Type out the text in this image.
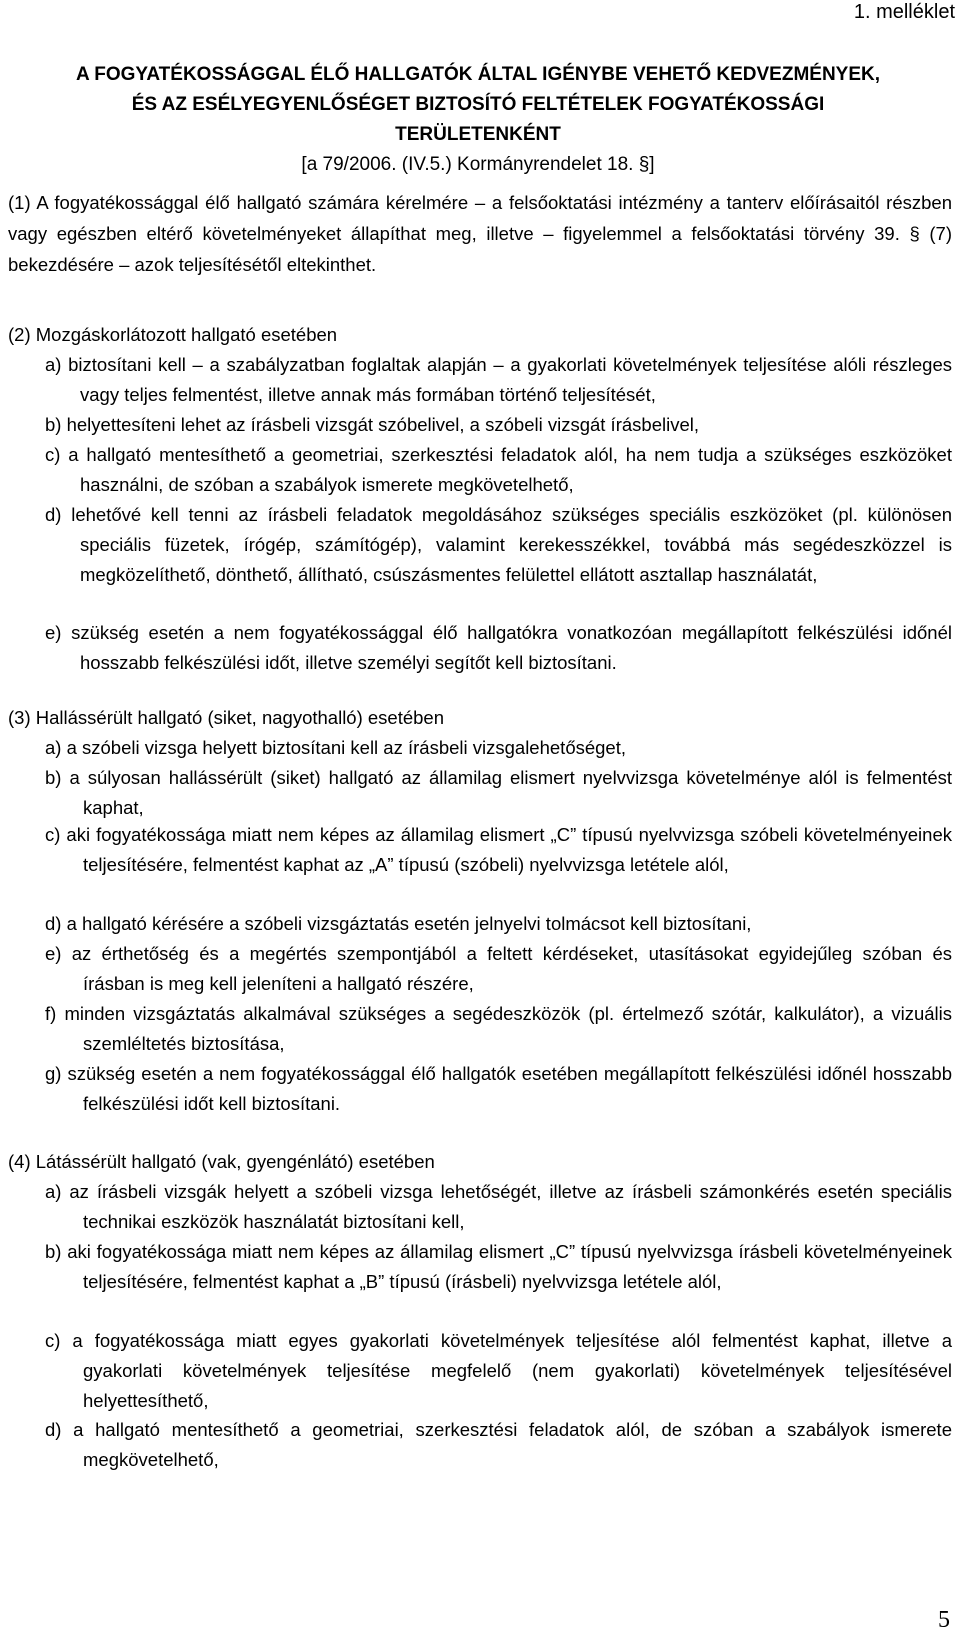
1. melléklet
A FOGYATÉKOSSÁGGAL ÉLŐ HALLGATÓK ÁLTAL IGÉNYBE VEHETŐ KEDVEZMÉNYEK,
ÉS AZ ESÉLYEGYENLŐSÉGET BIZTOSÍTÓ FELTÉTELEK FOGYATÉKOSSÁGI
TERÜLETENKÉNT
[a 79/2006. (IV.5.) Kormányrendelet 18. §]
(1) A fogyatékossággal élő hallgató számára kérelmére – a felsőoktatási intézmény a tanterv előírásaitól részben vagy egészben eltérő követelményeket állapíthat meg, illetve – figyelemmel a felsőoktatási törvény 39. § (7) bekezdésére – azok teljesítésétől eltekinthet.
(2) Mozgáskorlátozott hallgató esetében
a) biztosítani kell – a szabályzatban foglaltak alapján – a gyakorlati követelmények teljesítése alóli részleges vagy teljes felmentést, illetve annak más formában történő teljesítését,
b) helyettesíteni lehet az írásbeli vizsgát szóbelivel, a szóbeli vizsgát írásbelivel,
c) a hallgató mentesíthető a geometriai, szerkesztési feladatok alól, ha nem tudja a szükséges eszközöket használni, de szóban a szabályok ismerete megkövetelhető,
d) lehetővé kell tenni az írásbeli feladatok megoldásához szükséges speciális eszközöket (pl. különösen speciális füzetek, írógép, számítógép), valamint kerekesszékkel, továbbá más segédeszközzel is megközelíthető, dönthető, állítható, csúszásmentes felülettel ellátott asztallap használatát,
e) szükség esetén a nem fogyatékossággal élő hallgatókra vonatkozóan megállapított felkészülési időnél hosszabb felkészülési időt, illetve személyi segítőt kell biztosítani.
(3) Hallássérült hallgató (siket, nagyothalló) esetében
a) a szóbeli vizsga helyett biztosítani kell az írásbeli vizsgalehetőséget,
b) a súlyosan hallássérült (siket) hallgató az államilag elismert nyelvvizsga követelménye alól is felmentést kaphat,
c) aki fogyatékossága miatt nem képes az államilag elismert „C” típusú nyelvvizsga szóbeli követelményeinek teljesítésére, felmentést kaphat az „A” típusú (szóbeli) nyelvvizsga letétele alól,
d) a hallgató kérésére a szóbeli vizsgáztatás esetén jelnyelvi tolmácsot kell biztosítani,
e) az érthetőség és a megértés szempontjából a feltett kérdéseket, utasításokat egyidejűleg szóban és írásban is meg kell jeleníteni a hallgató részére,
f) minden vizsgáztatás alkalmával szükséges a segédeszközök (pl. értelmező szótár, kalkulátor), a vizuális szemléltetés biztosítása,
g) szükség esetén a nem fogyatékossággal élő hallgatók esetében megállapított felkészülési időnél hosszabb felkészülési időt kell biztosítani.
(4) Látássérült hallgató (vak, gyengénlátó) esetében
a) az írásbeli vizsgák helyett a szóbeli vizsga lehetőségét, illetve az írásbeli számonkérés esetén speciális technikai eszközök használatát biztosítani kell,
b) aki fogyatékossága miatt nem képes az államilag elismert „C” típusú nyelvvizsga írásbeli követelményeinek teljesítésére, felmentést kaphat a „B” típusú (írásbeli) nyelvvizsga letétele alól,
c) a fogyatékossága miatt egyes gyakorlati követelmények teljesítése alól felmentést kaphat, illetve a gyakorlati követelmények teljesítése megfelelő (nem gyakorlati) követelmények teljesítésével helyettesíthető,
d) a hallgató mentesíthető a geometriai, szerkesztési feladatok alól, de szóban a szabályok ismerete megkövetelhető,
5
